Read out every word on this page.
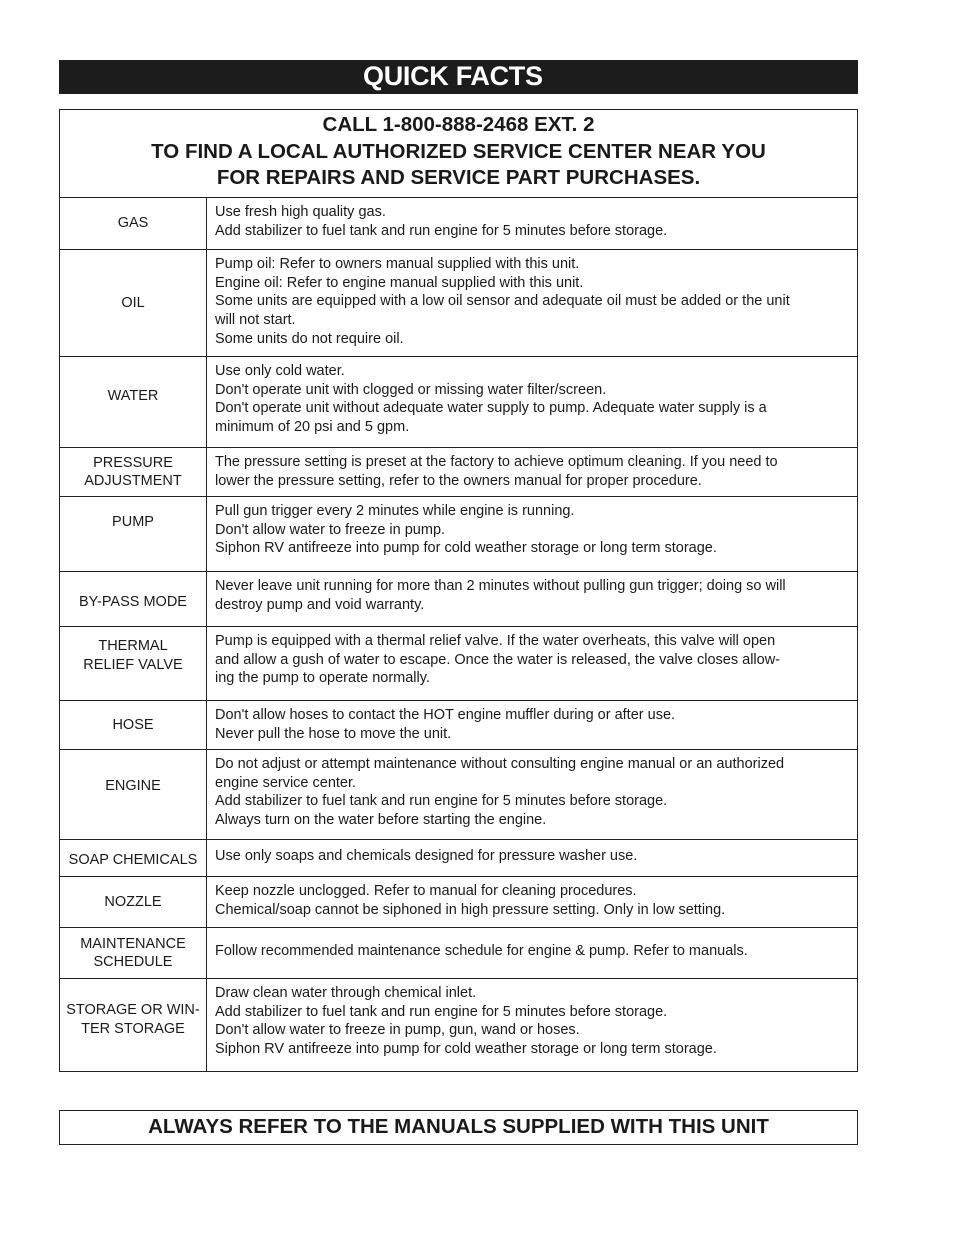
QUICK FACTS
CALL 1-800-888-2468 EXT. 2
TO FIND A LOCAL AUTHORIZED SERVICE CENTER NEAR YOU
FOR REPAIRS AND SERVICE PART PURCHASES.
GAS
Use fresh high quality gas.
Add stabilizer to fuel tank and run engine for 5 minutes before storage.
OIL
Pump oil: Refer to owners manual supplied with this unit.
Engine oil: Refer to engine manual supplied with this unit.
Some units are equipped with a low oil sensor and adequate oil must be added or the unit
will not start.
Some units do not require oil.
WATER
Use only cold water.
Don't operate unit with clogged or missing water filter/screen.
Don't operate unit without adequate water supply to pump. Adequate water supply is a
minimum of 20 psi and 5 gpm.
PRESSURE
ADJUSTMENT
The pressure setting is preset at the factory to achieve optimum cleaning. If you need to
lower the pressure setting, refer to the owners manual for proper procedure.
PUMP
Pull gun trigger every 2 minutes while engine is running.
Don't allow water to freeze in pump.
Siphon RV antifreeze into pump for cold weather storage or long term storage.
BY-PASS MODE
Never leave unit running for more than 2 minutes without pulling gun trigger; doing so will
destroy pump and void warranty.
THERMAL
RELIEF VALVE
Pump is equipped with a thermal relief valve. If the water overheats, this valve will open
and allow a gush of water to escape. Once the water is released, the valve closes allow-
ing the pump to operate normally.
HOSE
Don't allow hoses to contact the HOT engine muffler during or after use.
Never pull the hose to move the unit.
ENGINE
Do not adjust or attempt maintenance without consulting engine manual or an authorized
engine service center.
Add stabilizer to fuel tank and run engine for 5 minutes before storage.
Always turn on the water before starting the engine.
SOAP CHEMICALS Use only soaps and chemicals designed for pressure washer use.
NOZZLE
Keep nozzle unclogged. Refer to manual for cleaning procedures.
Chemical/soap cannot be siphoned in high pressure setting. Only in low setting.
MAINTENANCE
SCHEDULE
Follow recommended maintenance schedule for engine & pump. Refer to manuals.
STORAGE OR WIN-
TER STORAGE
Draw clean water through chemical inlet.
Add stabilizer to fuel tank and run engine for 5 minutes before storage.
Don't allow water to freeze in pump, gun, wand or hoses.
Siphon RV antifreeze into pump for cold weather storage or long term storage.
ALWAYS REFER TO THE MANUALS SUPPLIED WITH THIS UNIT
